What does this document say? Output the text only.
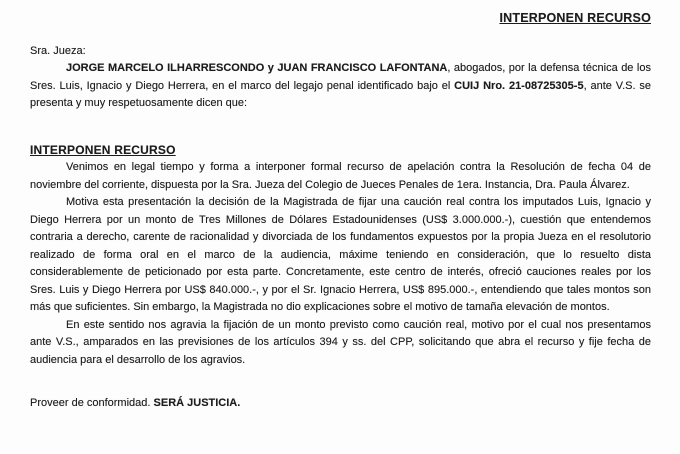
INTERPONEN RECURSO
Sra. Jueza:

JORGE MARCELO ILHARRESCONDO y JUAN FRANCISCO LAFONTANA, abogados, por la defensa técnica de los Sres. Luis, Ignacio y Diego Herrera, en el marco del legajo penal identificado bajo el CUIJ Nro. 21-08725305-5, ante V.S. se presenta y muy respetuosamente dicen que:

INTERPONEN RECURSO

Venimos en legal tiempo y forma a interponer formal recurso de apelación contra la Resolución de fecha 04 de noviembre del corriente, dispuesta por la Sra. Jueza del Colegio de Jueces Penales de 1era. Instancia, Dra. Paula Álvarez.

Motiva esta presentación la decisión de la Magistrada de fijar una caución real contra los imputados Luis, Ignacio y Diego Herrera por un monto de Tres Millones de Dólares Estadounidenses (US$ 3.000.000.-), cuestión que entendemos contraria a derecho, carente de racionalidad y divorciada de los fundamentos expuestos por la propia Jueza en el resolutorio realizado de forma oral en el marco de la audiencia, máxime teniendo en consideración, que lo resuelto dista considerablemente de peticionado por esta parte. Concretamente, este centro de interés, ofreció cauciones reales por los Sres. Luis y Diego Herrera por US$ 840.000.-, y por el Sr. Ignacio Herrera, US$ 895.000.-, entendiendo que tales montos son más que suficientes. Sin embargo, la Magistrada no dio explicaciones sobre el motivo de tamaña elevación de montos.

En este sentido nos agravia la fijación de un monto previsto como caución real, motivo por el cual nos presentamos ante V.S., amparados en las previsiones de los artículos 394 y ss. del CPP, solicitando que abra el recurso y fije fecha de audiencia para el desarrollo de los agravios.

Proveer de conformidad. SERÁ JUSTICIA.
